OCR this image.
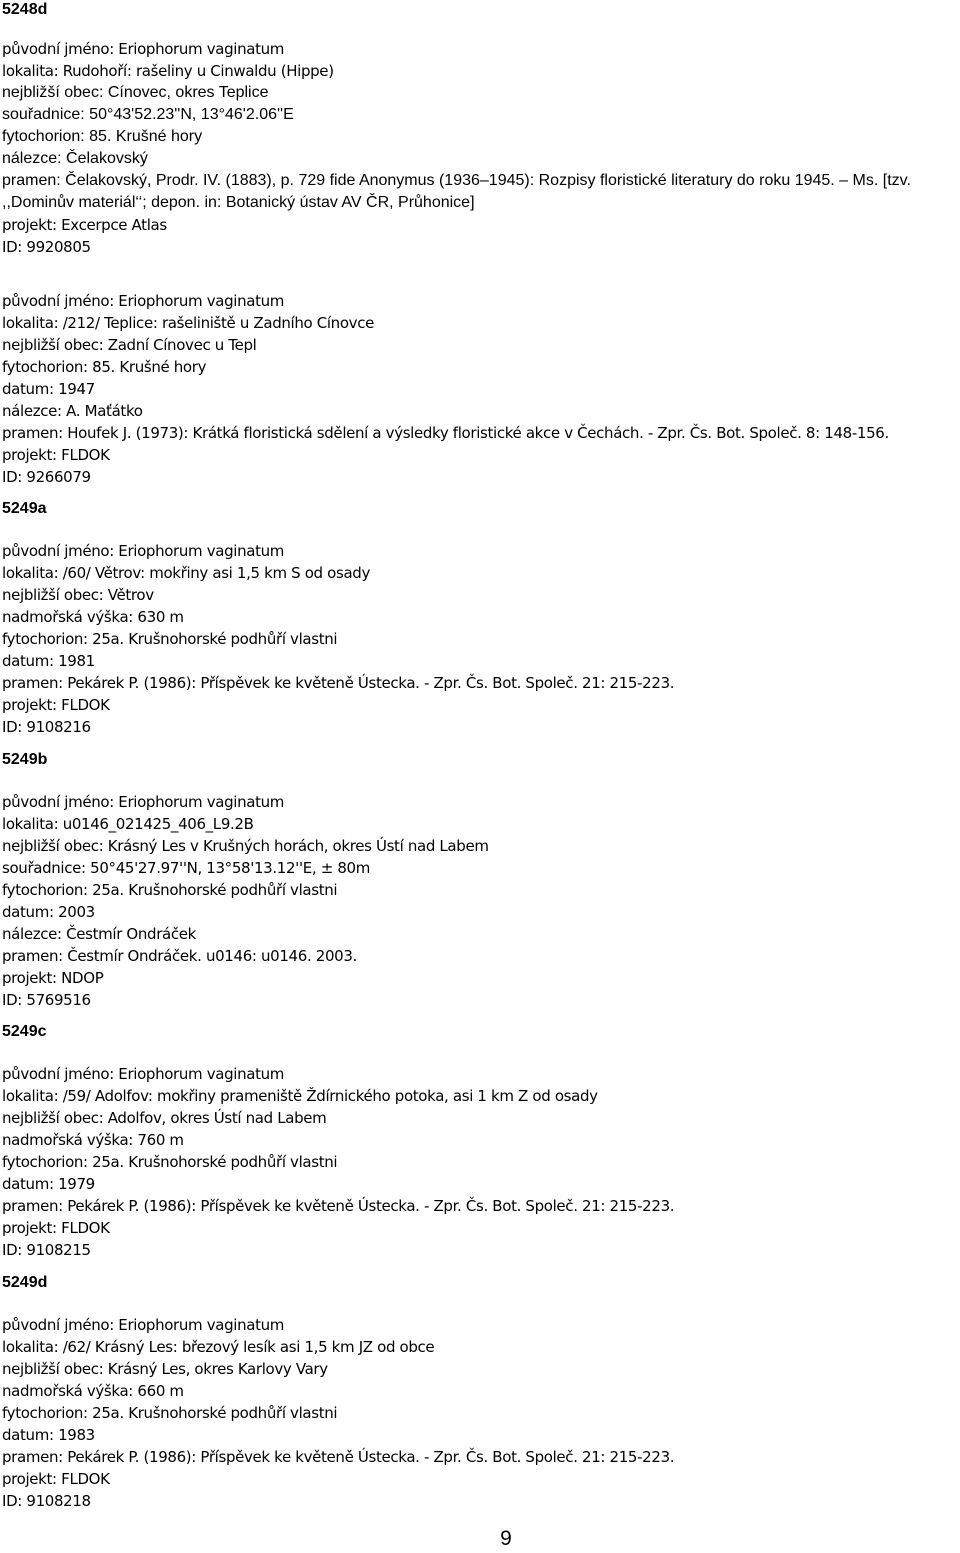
5248d
původní jméno: Eriophorum vaginatum
lokalita: Rudohoří: rašeliny u Cinwaldu (Hippe)
nejbližší obec: Cínovec, okres Teplice
souřadnice: 50°43'52.23''N, 13°46'2.06''E
fytochorion: 85. Krušné hory
nálezce: Čelakovský
pramen: Čelakovský, Prodr. IV. (1883), p. 729 fide Anonymus (1936–1945): Rozpisy floristické literatury do roku 1945. – Ms. [tzv. ,,Dominův materiál‘‘; depon. in: Botanický ústav AV ČR, Průhonice]
projekt: Excerpce Atlas
ID: 9920805
původní jméno: Eriophorum vaginatum
lokalita: /212/ Teplice: rašeliniště u Zadního Cínovce
nejbližší obec: Zadní Cínovec u Tepl
fytochorion: 85. Krušné hory
datum: 1947
nálezce: A. Maťátko
pramen: Houfek J. (1973): Krátká floristická sdělení a výsledky floristické akce v Čechách. - Zpr. Čs. Bot. Společ. 8: 148-156.
projekt: FLDOK
ID: 9266079
5249a
původní jméno: Eriophorum vaginatum
lokalita: /60/ Větrov: mokřiny asi 1,5 km S od osady
nejbližší obec: Větrov
nadmořská výška: 630 m
fytochorion: 25a. Krušnohorské podhůří vlastni
datum: 1981
pramen: Pekárek P. (1986): Příspěvek ke květeně Ústecka. - Zpr. Čs. Bot. Společ. 21: 215-223.
projekt: FLDOK
ID: 9108216
5249b
původní jméno: Eriophorum vaginatum
lokalita: u0146_021425_406_L9.2B
nejbližší obec: Krásný Les v Krušných horách, okres Ústí nad Labem
souřadnice: 50°45'27.97''N, 13°58'13.12''E, ± 80m
fytochorion: 25a. Krušnohorské podhůří vlastni
datum: 2003
nálezce: Čestmír Ondráček
pramen: Čestmír Ondráček. u0146: u0146. 2003.
projekt: NDOP
ID: 5769516
5249c
původní jméno: Eriophorum vaginatum
lokalita: /59/ Adolfov: mokřiny prameniště Ždírnického potoka, asi 1 km Z od osady
nejbližší obec: Adolfov, okres Ústí nad Labem
nadmořská výška: 760 m
fytochorion: 25a. Krušnohorské podhůří vlastni
datum: 1979
pramen: Pekárek P. (1986): Příspěvek ke květeně Ústecka. - Zpr. Čs. Bot. Společ. 21: 215-223.
projekt: FLDOK
ID: 9108215
5249d
původní jméno: Eriophorum vaginatum
lokalita: /62/ Krásný Les: březový lesík asi 1,5 km JZ od obce
nejbližší obec: Krásný Les, okres Karlovy Vary
nadmořská výška: 660 m
fytochorion: 25a. Krušnohorské podhůří vlastni
datum: 1983
pramen: Pekárek P. (1986): Příspěvek ke květeně Ústecka. - Zpr. Čs. Bot. Společ. 21: 215-223.
projekt: FLDOK
ID: 9108218
9
